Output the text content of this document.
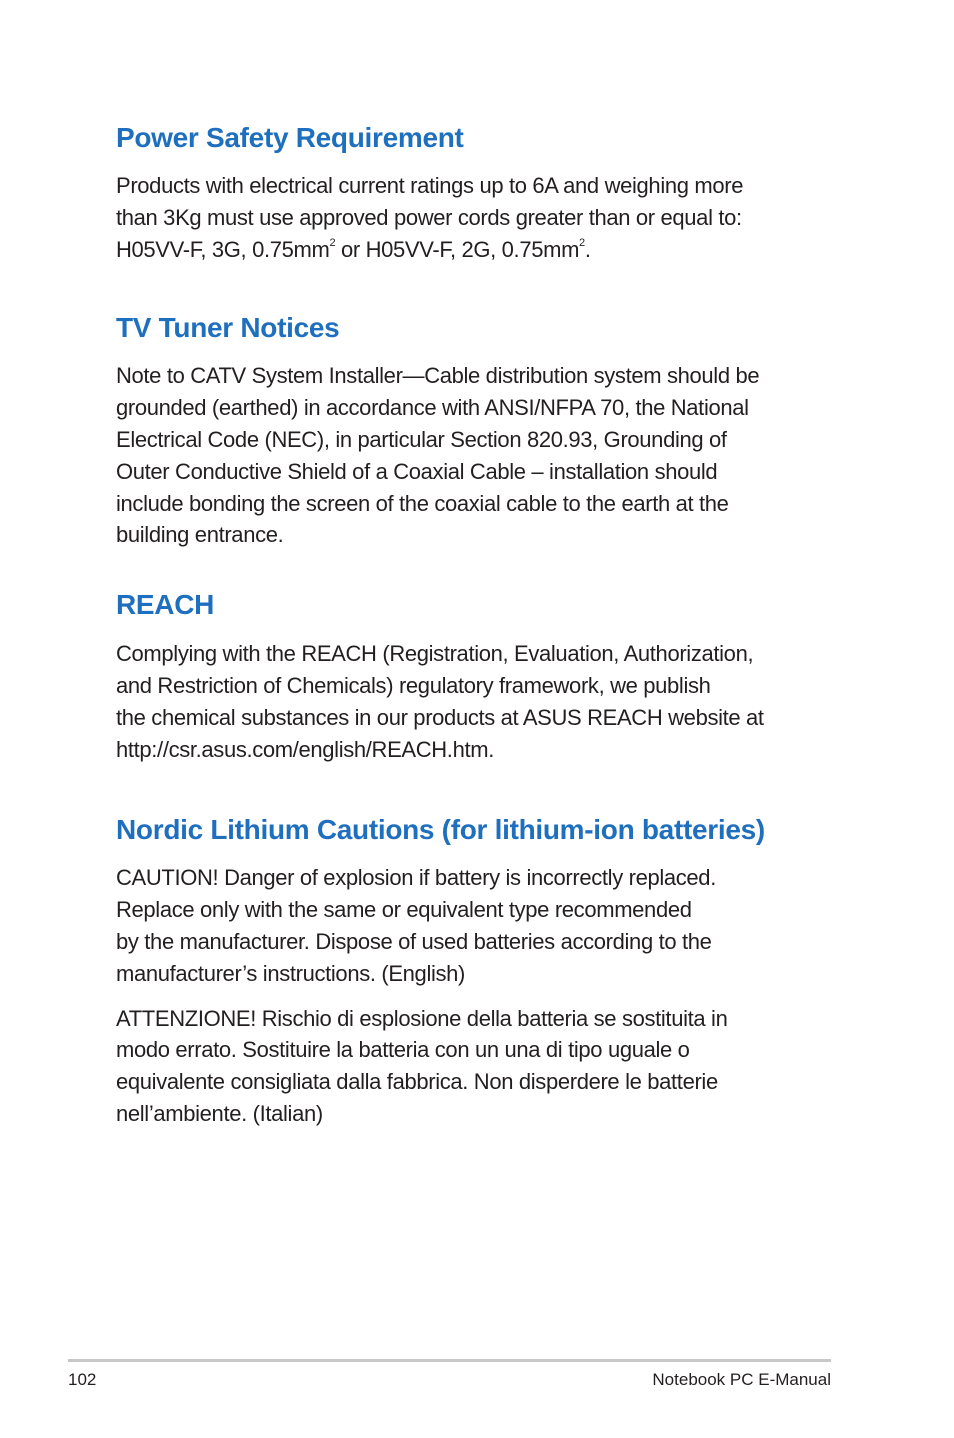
Power Safety Requirement

Products with electrical current ratings up to 6A and weighing more
than 3Kg must use approved power cords greater than or equal to:
H05VV-F, 3G, $0.75mm^2$ or H05VV-F, 2G, $0.75mm^2$.

TV Tuner Notices

Note to CATV System Installer—Cable distribution system should be
grounded (earthed) in accordance with ANSI/NFPA 70, the National
Electrical Code (NEC), in particular Section 820.93, Grounding of
Outer Conductive Shield of a Coaxial Cable – installation should
include bonding the screen of the coaxial cable to the earth at the
building entrance.

REACH

Complying with the REACH (Registration, Evaluation, Authorization,
and Restriction of Chemicals) regulatory framework, we publish
the chemical substances in our products at ASUS REACH website at
http://csr.asus.com/english/REACH.htm.

Nordic Lithium Cautions (for lithium-ion batteries)

CAUTION! Danger of explosion if battery is incorrectly replaced.
Replace only with the same or equivalent type recommended
by the manufacturer. Dispose of used batteries according to the
manufacturer’s instructions. (English)

ATTENZIONE! Rischio di esplosione della batteria se sostituita in
modo errato. Sostituire la batteria con un una di tipo uguale o
equivalente consigliata dalla fabbrica. Non disperdere le batterie
nell’ambiente. (Italian)

102	Notebook PC E-Manual
